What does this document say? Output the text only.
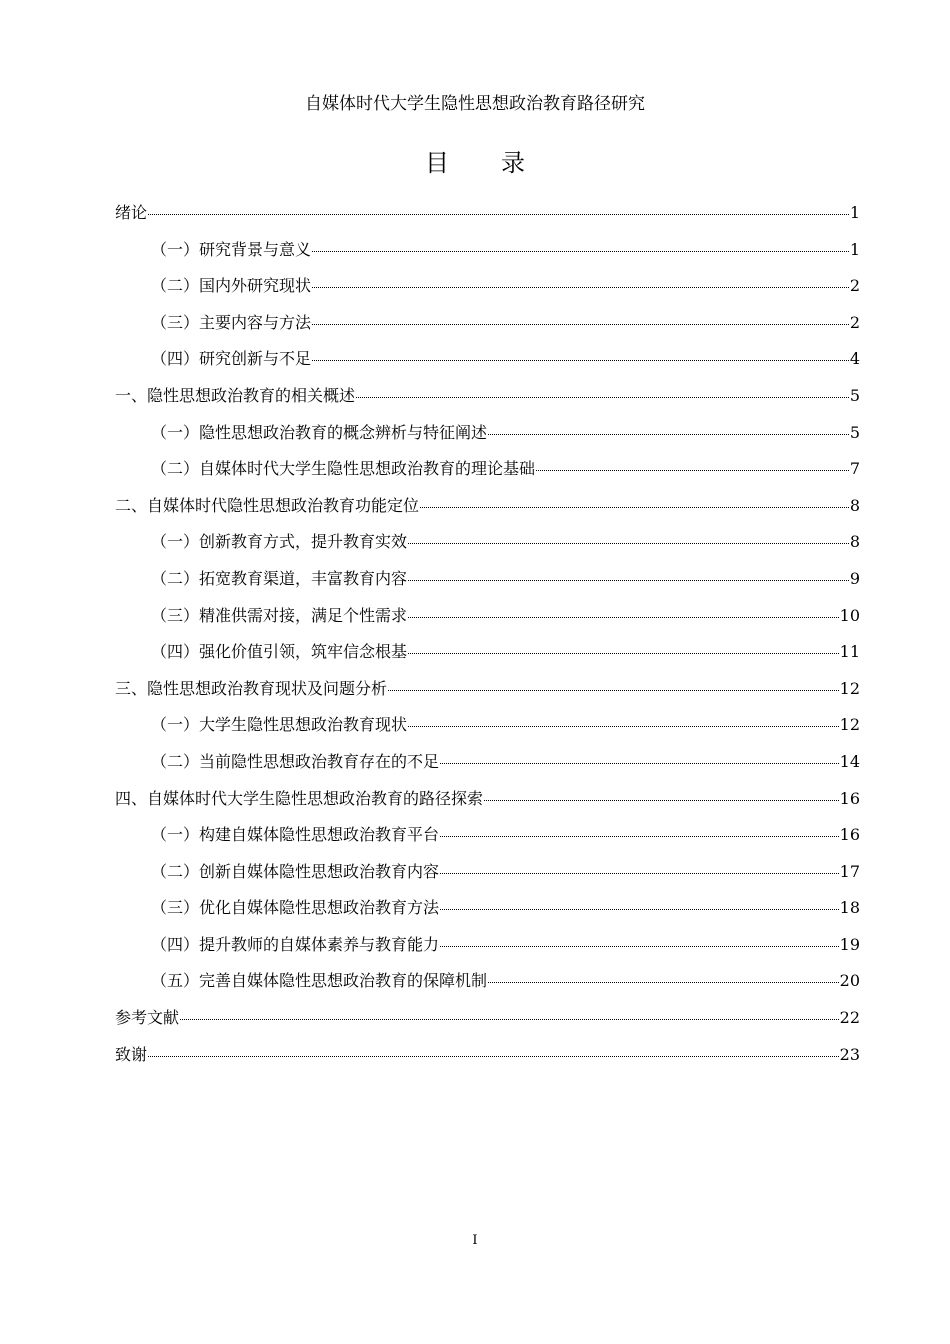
自媒体时代大学生隐性思想政治教育路径研究
目 录
绪论	1
（一）研究背景与意义	1
（二）国内外研究现状	2
（三）主要内容与方法	2
（四）研究创新与不足	4
一、隐性思想政治教育的相关概述	5
（一）隐性思想政治教育的概念辨析与特征阐述	5
（二）自媒体时代大学生隐性思想政治教育的理论基础	7
二、自媒体时代隐性思想政治教育功能定位	8
（一）创新教育方式，提升教育实效	8
（二）拓宽教育渠道，丰富教育内容	9
（三）精准供需对接，满足个性需求	10
（四）强化价值引领，筑牢信念根基	11
三、隐性思想政治教育现状及问题分析	12
（一）大学生隐性思想政治教育现状	12
（二）当前隐性思想政治教育存在的不足	14
四、自媒体时代大学生隐性思想政治教育的路径探索	16
（一）构建自媒体隐性思想政治教育平台	16
（二）创新自媒体隐性思想政治教育内容	17
（三）优化自媒体隐性思想政治教育方法	18
（四）提升教师的自媒体素养与教育能力	19
（五）完善自媒体隐性思想政治教育的保障机制	20
参考文献	22
致谢	23
I
